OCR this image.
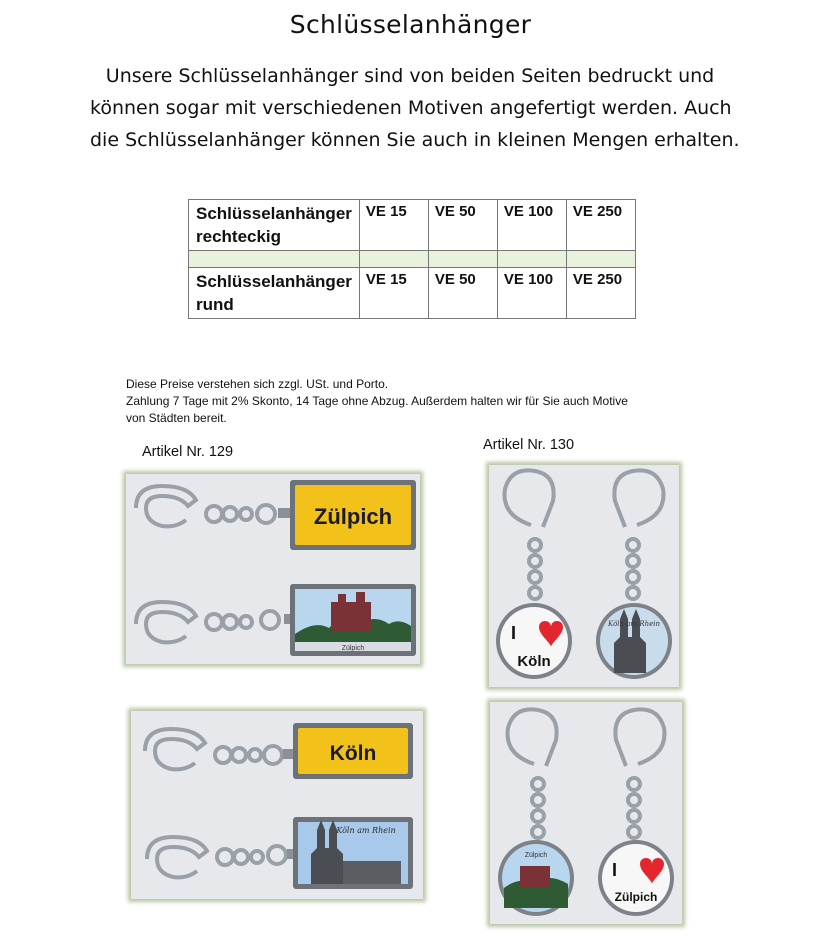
Schlüsselanhänger
Unsere Schlüsselanhänger sind von beiden Seiten bedruckt und
können sogar mit verschiedenen Motiven angefertigt werden. Auch
die Schlüsselanhänger können Sie auch in kleinen Mengen erhalten.
Schlüsselanhänger
rechteckig	VE 15	VE 50	VE 100	VE 250

Schlüsselanhänger
rund	VE 15	VE 50	VE 100	VE 250
Diese Preise verstehen sich zzgl. USt. und Porto.
Zahlung 7 Tage mit 2% Skonto, 14 Tage ohne Abzug. Außerdem halten wir für Sie auch Motive
von Städten bereit.
Artikel Nr. 129	Artikel Nr. 130
Zülpich
Zülpich
I
Köln
Köln am Rhein
Köln
Köln am Rhein
Zülpich
I
Zülpich
